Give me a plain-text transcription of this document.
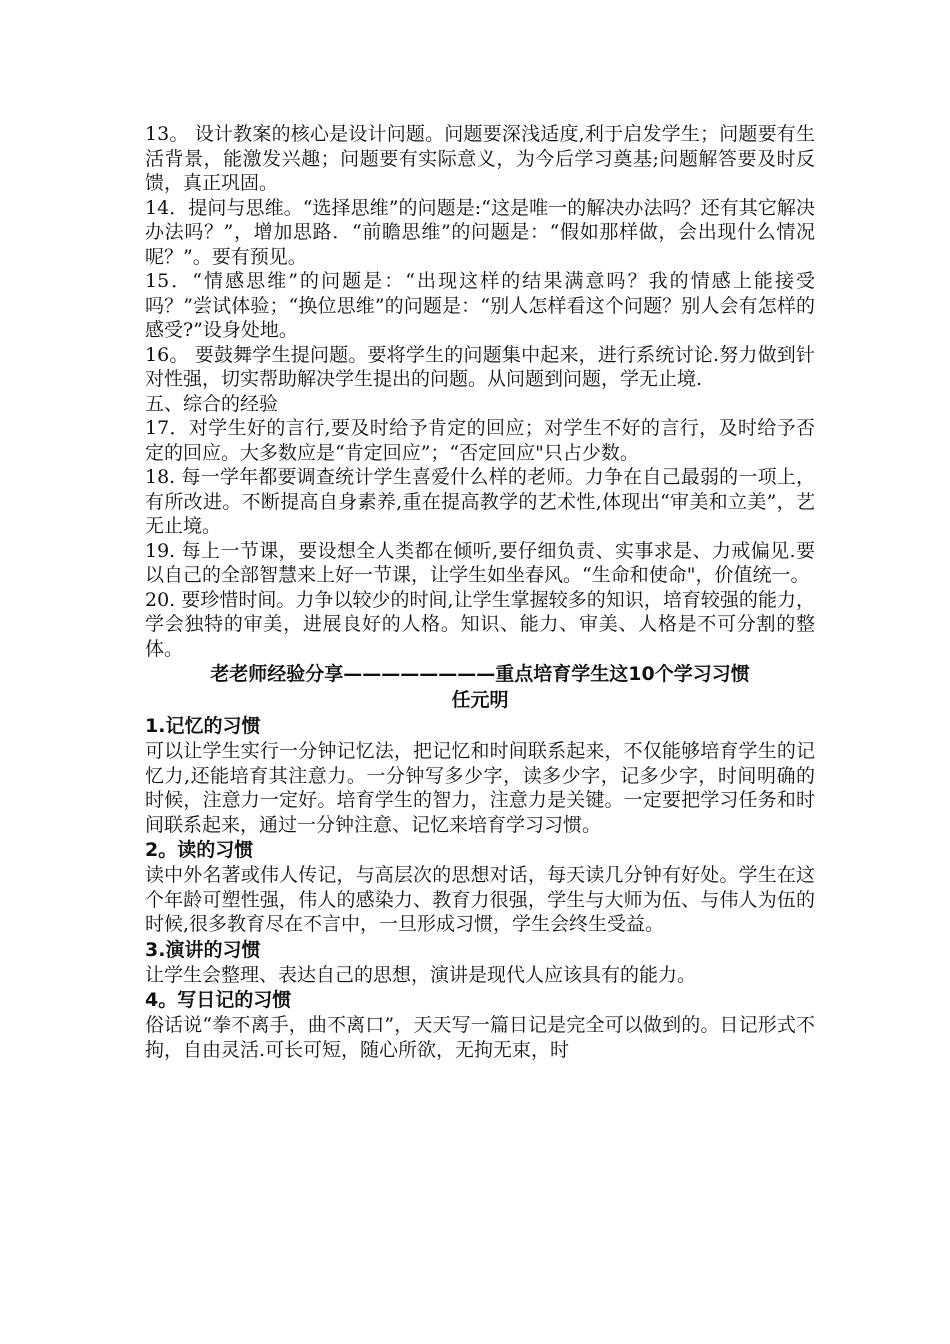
13。 设计教案的核心是设计问题。问题要深浅适度,利于启发学生；问题要有生活背景，能激发兴趣；问题要有实际意义，为今后学习奠基;问题解答要及时反馈，真正巩固。

14．提问与思维。“选择思维”的问题是:“这是唯一的解决办法吗？还有其它解决办法吗？”，增加思路．“前瞻思维”的问题是：“假如那样做，会出现什么情况呢？”。要有预见。

15．“情感思维”的问题是：“出现这样的结果满意吗？我的情感上能接受吗？”尝试体验；“换位思维”的问题是：“别人怎样看这个问题？别人会有怎样的感受?”设身处地。

16。 要鼓舞学生提问题。要将学生的问题集中起来，进行系统讨论.努力做到针对性强，切实帮助解决学生提出的问题。从问题到问题，学无止境.

五、综合的经验

17．对学生好的言行,要及时给予肯定的回应；对学生不好的言行，及时给予否定的回应。大多数应是“肯定回应”；“否定回应"只占少数。

18. 每一学年都要调查统计学生喜爱什么样的老师。力争在自己最弱的一项上，有所改进。不断提高自身素养,重在提高教学的艺术性,体现出“审美和立美”，艺无止境。

19. 每上一节课，要设想全人类都在倾听,要仔细负责、实事求是、力戒偏见.要以自己的全部智慧来上好一节课，让学生如坐春风。“生命和使命"，价值统一。

20. 要珍惜时间。力争以较少的时间,让学生掌握较多的知识，培育较强的能力，学会独特的审美，进展良好的人格。知识、能力、审美、人格是不可分割的整体。

老老师经验分享————————重点培育学生这10个学习习惯

任元明

1.记忆的习惯

可以让学生实行一分钟记忆法，把记忆和时间联系起来，不仅能够培育学生的记忆力,还能培育其注意力。一分钟写多少字，读多少字，记多少字，时间明确的时候，注意力一定好。培育学生的智力，注意力是关键。一定要把学习任务和时间联系起来，通过一分钟注意、记忆来培育学习习惯。

2。读的习惯

读中外名著或伟人传记，与高层次的思想对话，每天读几分钟有好处。学生在这个年龄可塑性强，伟人的感染力、教育力很强，学生与大师为伍、与伟人为伍的时候,很多教育尽在不言中，一旦形成习惯，学生会终生受益。

3.演讲的习惯

让学生会整理、表达自己的思想，演讲是现代人应该具有的能力。

4。写日记的习惯

俗话说“拳不离手，曲不离口”，天天写一篇日记是完全可以做到的。日记形式不拘，自由灵活.可长可短，随心所欲，无拘无束，时
